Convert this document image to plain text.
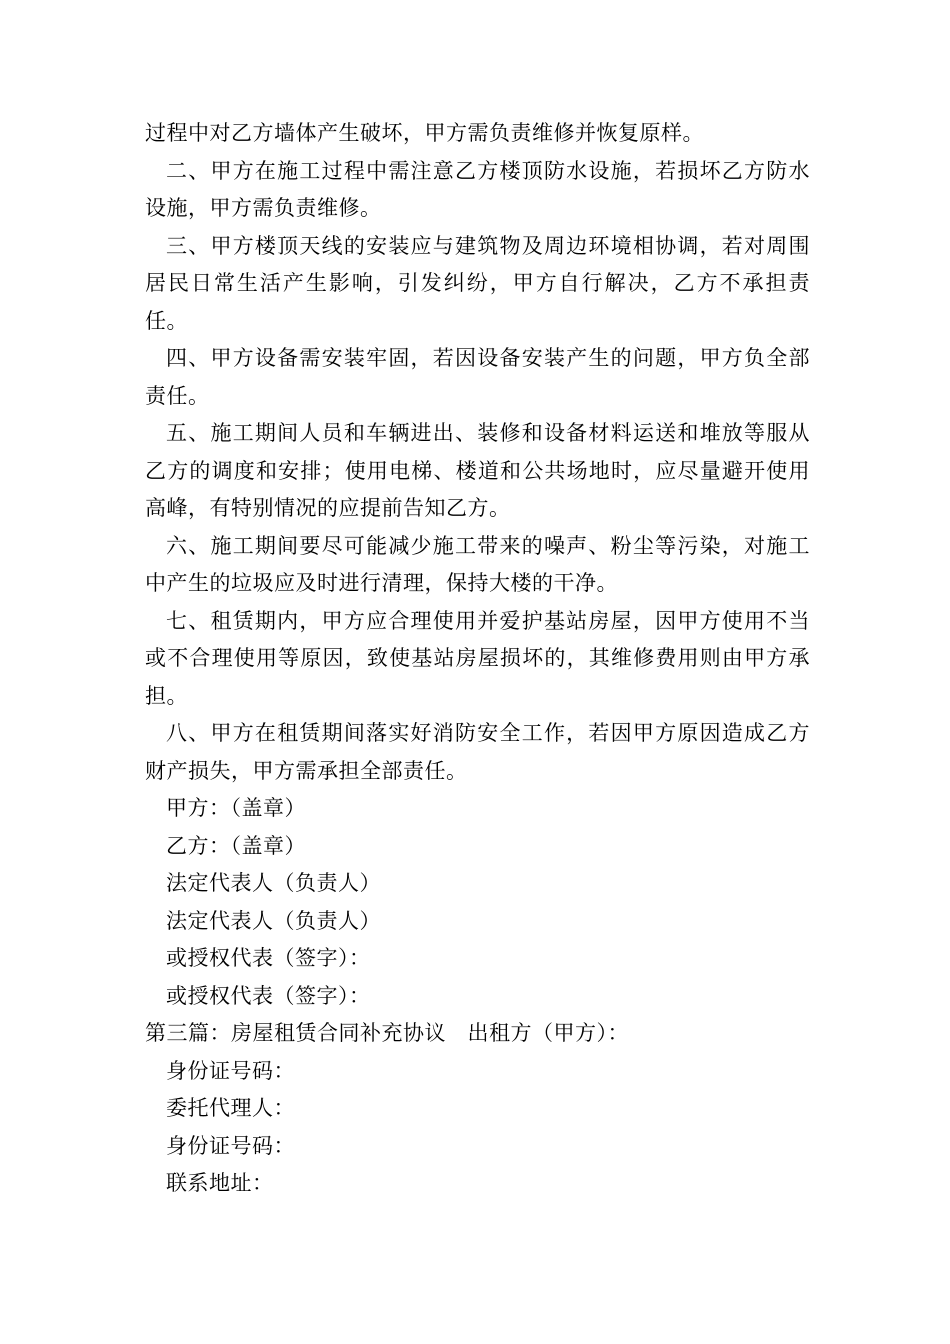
过程中对乙方墙体产生破坏，甲方需负责维修并恢复原样。

二、甲方在施工过程中需注意乙方楼顶防水设施，若损坏乙方防水设施，甲方需负责维修。

三、甲方楼顶天线的安装应与建筑物及周边环境相协调，若对周围居民日常生活产生影响，引发纠纷，甲方自行解决，乙方不承担责任。

四、甲方设备需安装牢固，若因设备安装产生的问题，甲方负全部责任。

五、施工期间人员和车辆进出、装修和设备材料运送和堆放等服从乙方的调度和安排；使用电梯、楼道和公共场地时，应尽量避开使用高峰，有特别情况的应提前告知乙方。

六、施工期间要尽可能减少施工带来的噪声、粉尘等污染，对施工中产生的垃圾应及时进行清理，保持大楼的干净。

七、租赁期内，甲方应合理使用并爱护基站房屋，因甲方使用不当或不合理使用等原因，致使基站房屋损坏的，其维修费用则由甲方承担。

八、甲方在租赁期间落实好消防安全工作，若因甲方原因造成乙方财产损失，甲方需承担全部责任。

甲方：（盖章）

乙方：（盖章）

法定代表人（负责人）

法定代表人（负责人）

或授权代表（签字）：

或授权代表（签字）：

第三篇：房屋租赁合同补充协议　出租方（甲方）：

身份证号码：

委托代理人：

身份证号码：

联系地址：
